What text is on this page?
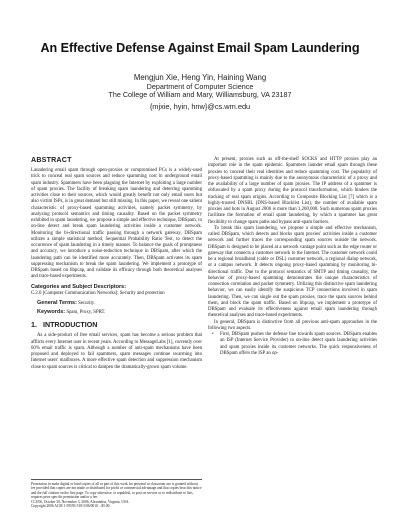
An Effective Defense Against Email Spam Laundering
Mengjun Xie, Heng Yin, Haining Wang
Department of Computer Science
The College of William and Mary, Williamsburg, VA 23187
{mjxie, hyin, hnw}@cs.wm.edu
ABSTRACT

Laundering email spam through open-proxies or compromised PCs is a widely-used trick to conceal real spam sources and reduce spamming cost in underground email spam industry. Spammers have been plaguing the Internet by exploiting a large number of spam proxies. The facility of breaking spam laundering and deterring spamming activities close to their sources, which would greatly benefit not only email users but also victim ISPs, is in great demand but still missing. In this paper, we reveal one salient characteristic of proxy-based spamming activities, namely packet symmetry, by analyzing protocol semantics and timing causality. Based on the packet symmetry exhibited in spam laundering, we propose a simple and effective technique, DBSpam, to on-line detect and break spam laundering activities inside a customer network. Monitoring the bi-directional traffic passing through a network gateway, DBSpam utilizes a simple statistical method, Sequential Probability Ratio Test, to detect the occurrence of spam laundering in a timely manner. To balance the goals of promptness and accuracy, we introduce a noise-reduction technique in DBSpam, after which the laundering path can be identified more accurately. Then, DBSpam activates its spam suppressing mechanism to break the spam laundering. We implement a prototype of DBSpam based on libpcap, and validate its efficacy through both theoretical analyses and trace-based experiments.

Categories and Subject Descriptors:

C.2.0 [Computer Communication Networks]: Security and protection

General Terms: Security.

Keywords: Spam, Proxy, SPRT.

1. INTRODUCTION

As a side-product of free email services, spam has become a serious problem that afflicts every Internet user in recent years. According to MessageLabs [1], currently over 60% email traffic is spam. Although a number of anti-spam mechanisms have been proposed and deployed to fail spammers, spam messages continue swarming into Internet users' mailboxes. A more effective spam detection and suppression mechanism close to spam sources is critical to dampen the dramatically-grown spam volume.

Permission to make digital or hard copies of all or part of this work for personal or classroom use is granted without fee provided that copies are not made or distributed for profit or commercial advantage and that copies bear this notice and the full citation on the first page. To copy otherwise, to republish, to post on servers or to redistribute to lists, requires prior specific permission and/or a fee.

CCS'06, October 30–November 3, 2006, Alexandria, Virginia, USA.

Copyright 2006 ACM 1-59593-518-5/06/0010 ...$5.00.

At present, proxies such as off-the-shelf SOCKS and HTTP proxies play an important role in the spam epidemic. Spammers launder email spam through these proxies to conceal their real identities and reduce spamming cost. The popularity of proxy-based spamming is mainly due to the anonymous characteristic of a proxy and the availability of a large number of spam proxies. The IP address of a spammer is obfuscated by a spam proxy during the protocol transformation, which hinders the tracking of real spam origins. According to Composite Blocking List [7] which is a highly-trusted DNSBL (DNS-based Blacklist List), the number of available spam proxies and bots in August 2006 is more than 1,200,000. Such numerous spam proxies facilitate the formation of email spam laundering, by which a spammer has great flexibility to change spam paths and bypass anti-spam barriers.

To break this spam laundering, we propose a simple and effective mechanism, called DBSpam, which detects and blocks spam proxies' activities inside a customer network and further traces the corresponding spam sources outside the network. DBSpam is designed to be placed at a network vantage point such as the edge router or gateway that connects a customer network to the Internet. The customer network could be a regional broadband (cable or DSL) customer network, a regional dialup network, or a campus network. It detects ongoing proxy-based spamming by monitoring bi-directional traffic. Due to the protocol semantics of SMTP and timing causality, the behavior of proxy-based spamming demonstrates the unique characteristics of connection correlation and packet symmetry. Utilizing this distinctive spam laundering behavior, we can easily identify the suspicious TCP connections involved in spam laundering. Then, we can single out the spam proxies, trace the spam sources behind them, and block the spam traffic. Based on libpcap, we implement a prototype of DBSpam and evaluate its effectiveness against email spam laundering through theoretical analyses and trace-based experiments.

In general, DBSpam is distinctive from all previous anti-spam approaches in the following two aspects.

• First, DBSpam pushes the defense line towards spam sources. DBSpam enables an ISP (Internet Service Provider) to on-line detect spam laundering activities and spam proxies inside its customer networks. The quick responsiveness of DBSpam offers the ISP an op-
